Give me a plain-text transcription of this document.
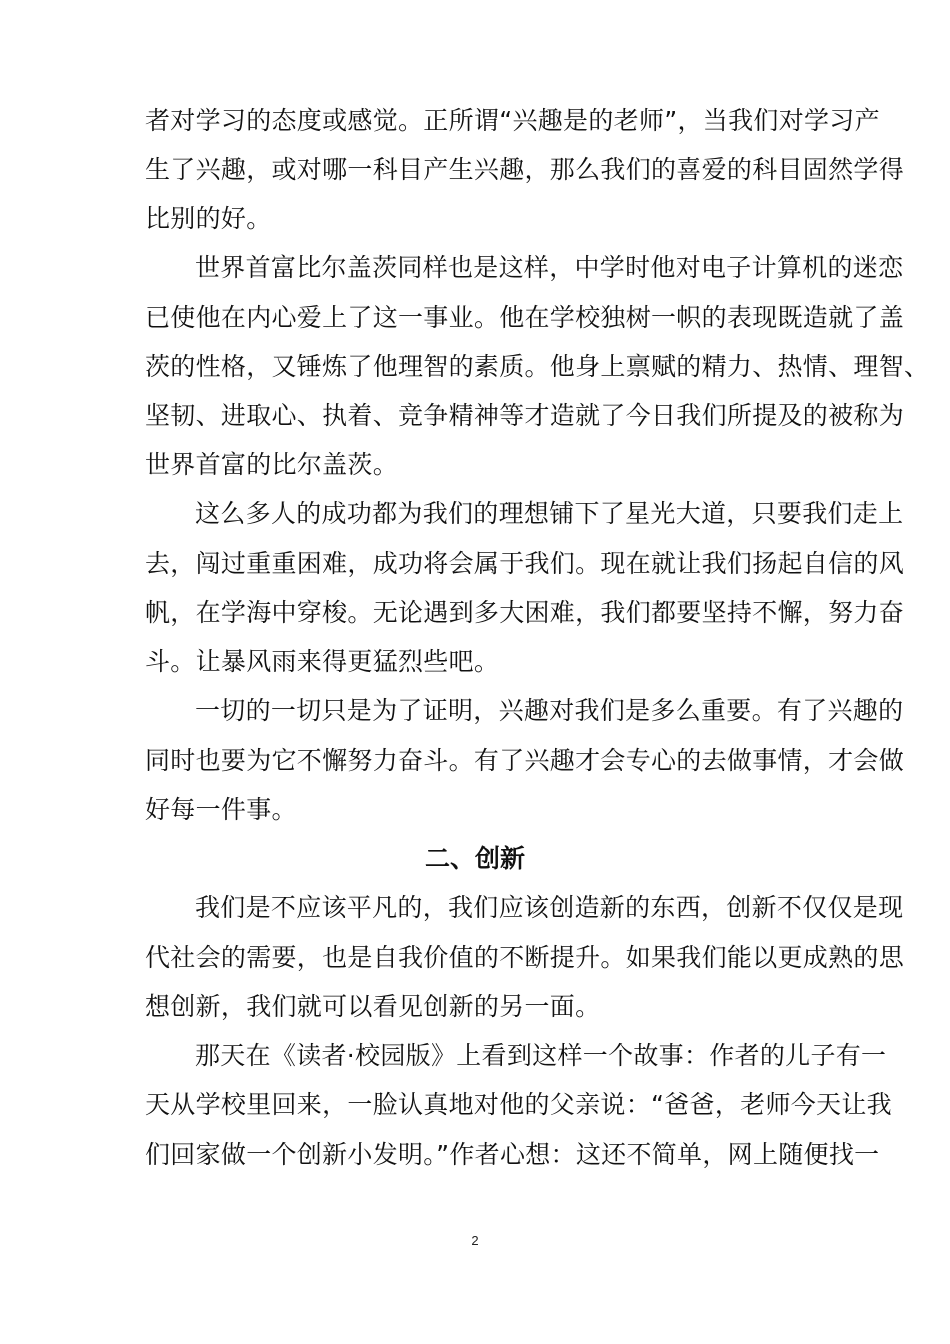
者对学习的态度或感觉。正所谓“兴趣是的老师”，当我们对学习产
生了兴趣，或对哪一科目产生兴趣，那么我们的喜爱的科目固然学得
比别的好。
世界首富比尔盖茨同样也是这样，中学时他对电子计算机的迷恋
已使他在内心爱上了这一事业。他在学校独树一帜的表现既造就了盖
茨的性格，又锤炼了他理智的素质。他身上禀赋的精力、热情、理智、
坚韧、进取心、执着、竞争精神等才造就了今日我们所提及的被称为
世界首富的比尔盖茨。
这么多人的成功都为我们的理想铺下了星光大道，只要我们走上
去，闯过重重困难，成功将会属于我们。现在就让我们扬起自信的风
帆，在学海中穿梭。无论遇到多大困难，我们都要坚持不懈，努力奋
斗。让暴风雨来得更猛烈些吧。
一切的一切只是为了证明，兴趣对我们是多么重要。有了兴趣的
同时也要为它不懈努力奋斗。有了兴趣才会专心的去做事情，才会做
好每一件事。
二、创新
我们是不应该平凡的，我们应该创造新的东西，创新不仅仅是现
代社会的需要，也是自我价值的不断提升。如果我们能以更成熟的思
想创新，我们就可以看见创新的另一面。
那天在《读者·校园版》上看到这样一个故事：作者的儿子有一
天从学校里回来，一脸认真地对他的父亲说：“爸爸，老师今天让我
们回家做一个创新小发明。”作者心想：这还不简单，网上随便找一
2
